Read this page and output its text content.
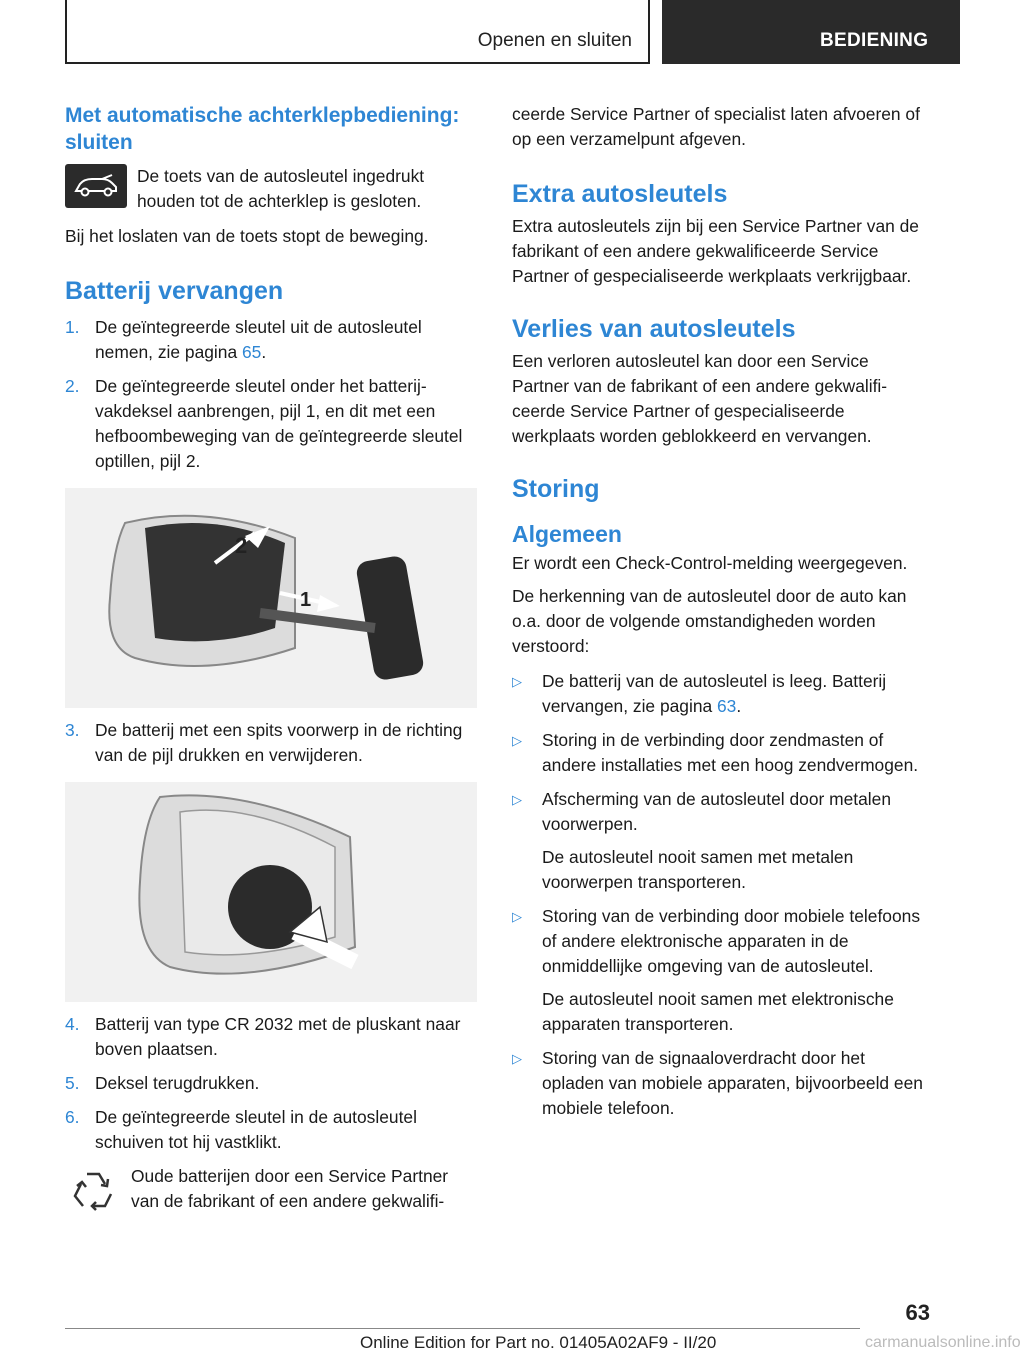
Openen en sluiten	BEDIENING
Met automatische achterklepbediening: sluiten

De toets van de autosleutel ingedrukt houden tot de achterklep is gesloten.

Bij het loslaten van de toets stopt de beweging.

Batterij vervangen
1. De geïntegreerde sleutel uit de autosleutel nemen, zie pagina 65.
2. De geïntegreerde sleutel onder het batterijvakdeksel aanbrengen, pijl 1, en dit met een hefboombeweging van de geïntegreerde sleutel optillen, pijl 2.
2
1
3. De batterij met een spits voorwerp in de richting van de pijl drukken en verwijderen.
4. Batterij van type CR 2032 met de pluskant naar boven plaatsen.
5. Deksel terugdrukken.
6. De geïntegreerde sleutel in de autosleutel schuiven tot hij vastklikt.

Oude batterijen door een Service Partner van de fabrikant of een andere gekwalifi-

ceerde Service Partner of specialist laten afvoeren of op een verzamelpunt afgeven.

Extra autosleutels

Extra autosleutels zijn bij een Service Partner van de fabrikant of een andere gekwalificeerde Service Partner of gespecialiseerde werkplaats verkrijgbaar.

Verlies van autosleutels

Een verloren autosleutel kan door een Service Partner van de fabrikant of een andere gekwalificeerde Service Partner of gespecialiseerde werkplaats worden geblokkeerd en vervangen.

Storing
Algemeen

Er wordt een Check-Control-melding weergegeven.

De herkenning van de autosleutel door de auto kan o.a. door de volgende omstandigheden worden verstoord:

▷	De batterij van de autosleutel is leeg. Batterij vervangen, zie pagina 63.
▷	Storing in de verbinding door zendmasten of andere installaties met een hoog zendvermogen.
▷	Afscherming van de autosleutel door metalen voorwerpen.
De autosleutel nooit samen met metalen voorwerpen transporteren.
▷	Storing van de verbinding door mobiele telefoons of andere elektronische apparaten in de onmiddellijke omgeving van de autosleutel.
De autosleutel nooit samen met elektronische apparaten transporteren.
▷	Storing van de signaaloverdracht door het opladen van mobiele apparaten, bijvoorbeeld een mobiele telefoon.
63
Online Edition for Part no. 01405A02AF9 - II/20	carmanualsonline.info
